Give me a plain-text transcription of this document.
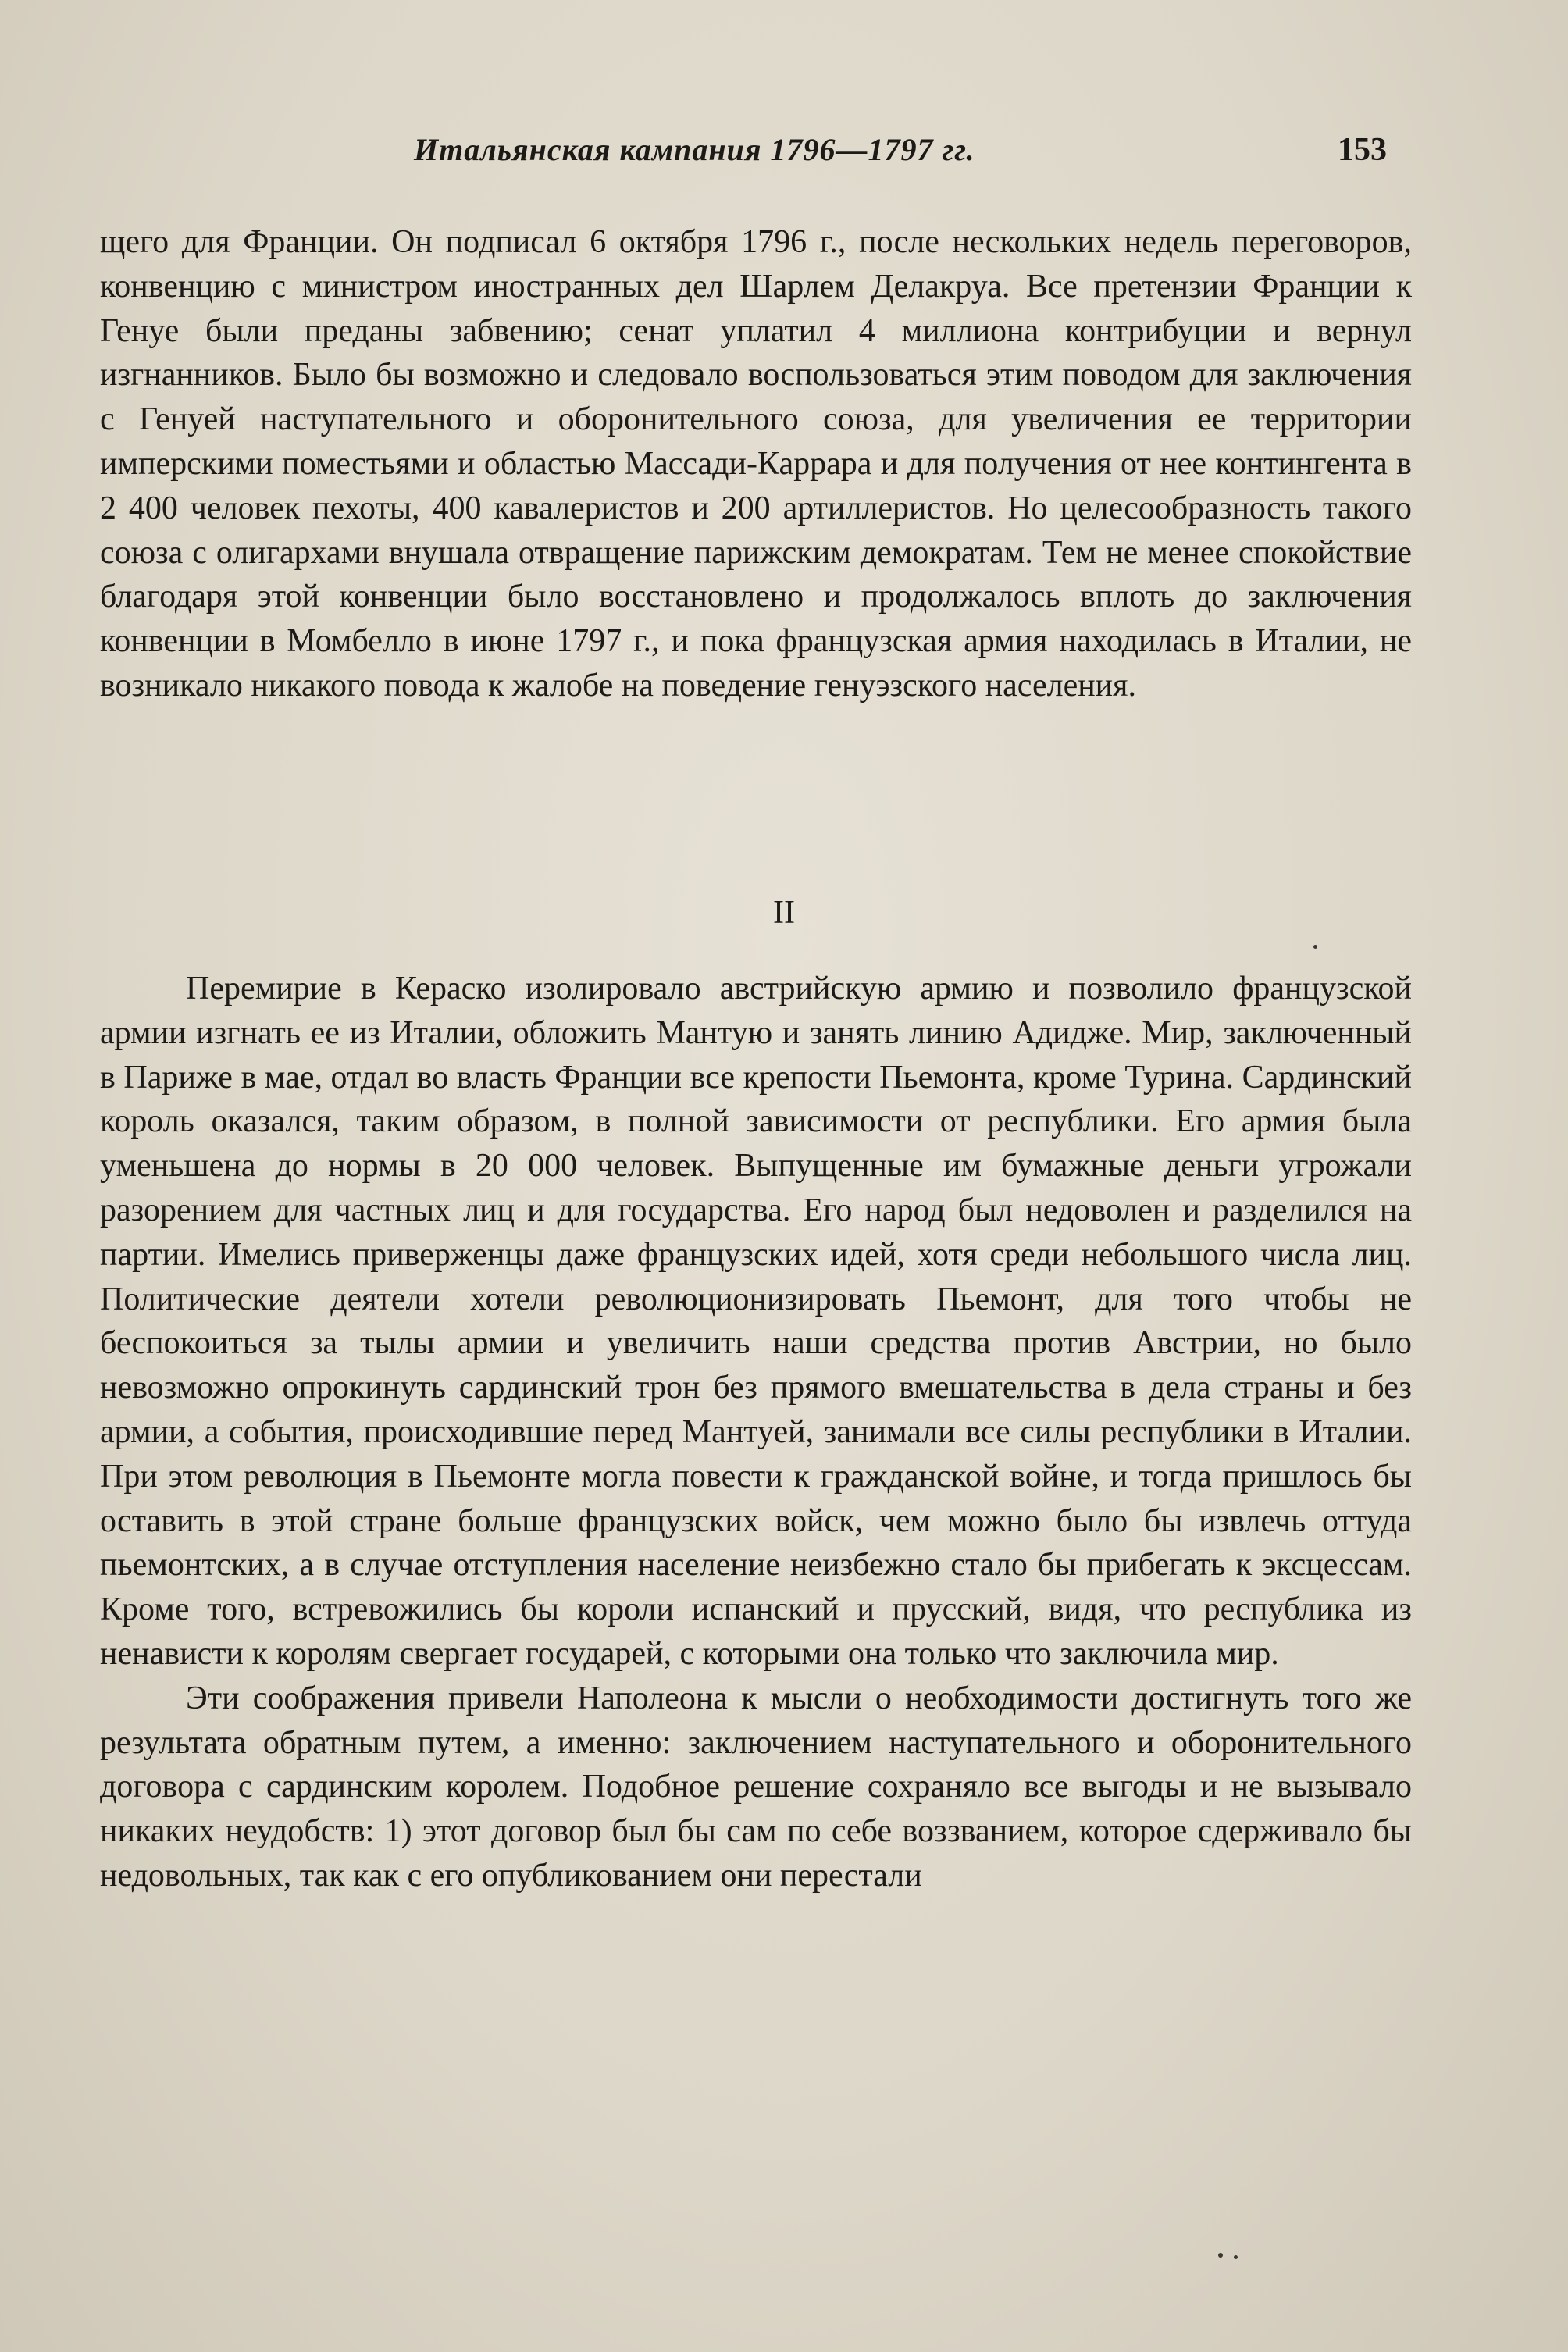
Итальянская кампания 1796—1797 гг.	153

щего для Франции. Он подписал 6 октября 1796 г., после нескольких недель переговоров, конвенцию с министром иностранных дел Шарлем Делакруа. Все претензии Франции к Генуе были преданы забвению; сенат уплатил 4 миллиона контрибуции и вернул изгнанников. Было бы возможно и следовало воспользоваться этим поводом для заключения с Генуей наступательного и оборонительного союза, для увеличения ее территории имперскими поместьями и областью Массади-Каррара и для получения от нее контингента в 2 400 человек пехоты, 400 кавалеристов и 200 артиллеристов. Но целесообразность такого союза с олигархами внушала отвращение парижским демократам. Тем не менее спокойствие благодаря этой конвенции было восстановлено и продолжалось вплоть до заключения конвенции в Момбелло в июне 1797 г., и пока французская армия находилась в Италии, не возникало никакого повода к жалобе на поведение генуэзского населения.

II

Перемирие в Кераско изолировало австрийскую армию и позволило французской армии изгнать ее из Италии, обложить Мантую и занять линию Адидже. Мир, заключенный в Париже в мае, отдал во власть Франции все крепости Пьемонта, кроме Турина. Сардинский король оказался, таким образом, в полной зависимости от республики. Его армия была уменьшена до нормы в 20 000 человек. Выпущенные им бумажные деньги угрожали разорением для частных лиц и для государства. Его народ был недоволен и разделился на партии. Имелись приверженцы даже французских идей, хотя среди небольшого числа лиц. Политические деятели хотели революционизировать Пьемонт, для того чтобы не беспокоиться за тылы армии и увеличить наши средства против Австрии, но было невозможно опрокинуть сардинский трон без прямого вмешательства в дела страны и без армии, а события, происходившие перед Мантуей, занимали все силы республики в Италии. При этом революция в Пьемонте могла повести к гражданской войне, и тогда пришлось бы оставить в этой стране больше французских войск, чем можно было бы извлечь оттуда пьемонтских, а в случае отступления население неизбежно стало бы прибегать к эксцессам. Кроме того, встревожились бы короли испанский и прусский, видя, что республика из ненависти к королям свергает государей, с которыми она только что заключила мир.

Эти соображения привели Наполеона к мысли о необходимости достигнуть того же результата обратным путем, а именно: заключением наступательного и оборонительного договора с сардинским королем. Подобное решение сохраняло все выгоды и не вызывало никаких неудобств: 1) этот договор был бы сам по себе воззванием, которое сдерживало бы недовольных, так как с его опубликованием они перестали
